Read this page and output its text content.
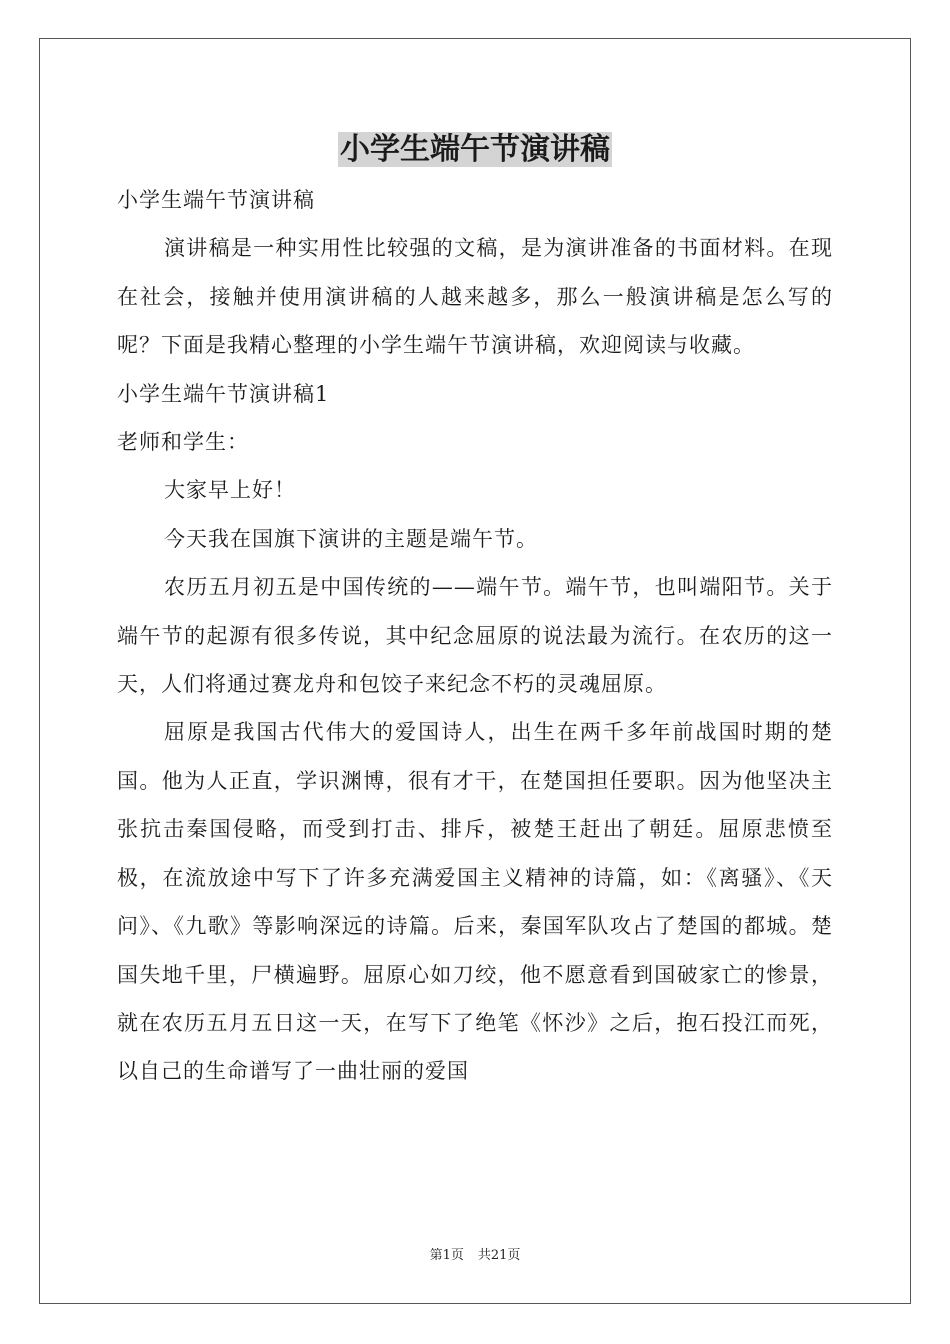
小学生端午节演讲稿

小学生端午节演讲稿

演讲稿是一种实用性比较强的文稿，是为演讲准备的书面材料。在现在社会，接触并使用演讲稿的人越来越多，那么一般演讲稿是怎么写的呢？下面是我精心整理的小学生端午节演讲稿，欢迎阅读与收藏。

小学生端午节演讲稿1

老师和学生：

大家早上好！

今天我在国旗下演讲的主题是端午节。

农历五月初五是中国传统的——端午节。端午节，也叫端阳节。关于端午节的起源有很多传说，其中纪念屈原的说法最为流行。在农历的这一天，人们将通过赛龙舟和包饺子来纪念不朽的灵魂屈原。

屈原是我国古代伟大的爱国诗人，出生在两千多年前战国时期的楚国。他为人正直，学识渊博，很有才干，在楚国担任要职。因为他坚决主张抗击秦国侵略，而受到打击、排斥，被楚王赶出了朝廷。屈原悲愤至极，在流放途中写下了许多充满爱国主义精神的诗篇，如：《离骚》、《天问》、《九歌》等影响深远的诗篇。后来，秦国军队攻占了楚国的都城。楚国失地千里，尸横遍野。屈原心如刀绞，他不愿意看到国破家亡的惨景，就在农历五月五日这一天，在写下了绝笔《怀沙》之后，抱石投江而死，以自己的生命谱写了一曲壮丽的爱国

第1页 共21页
